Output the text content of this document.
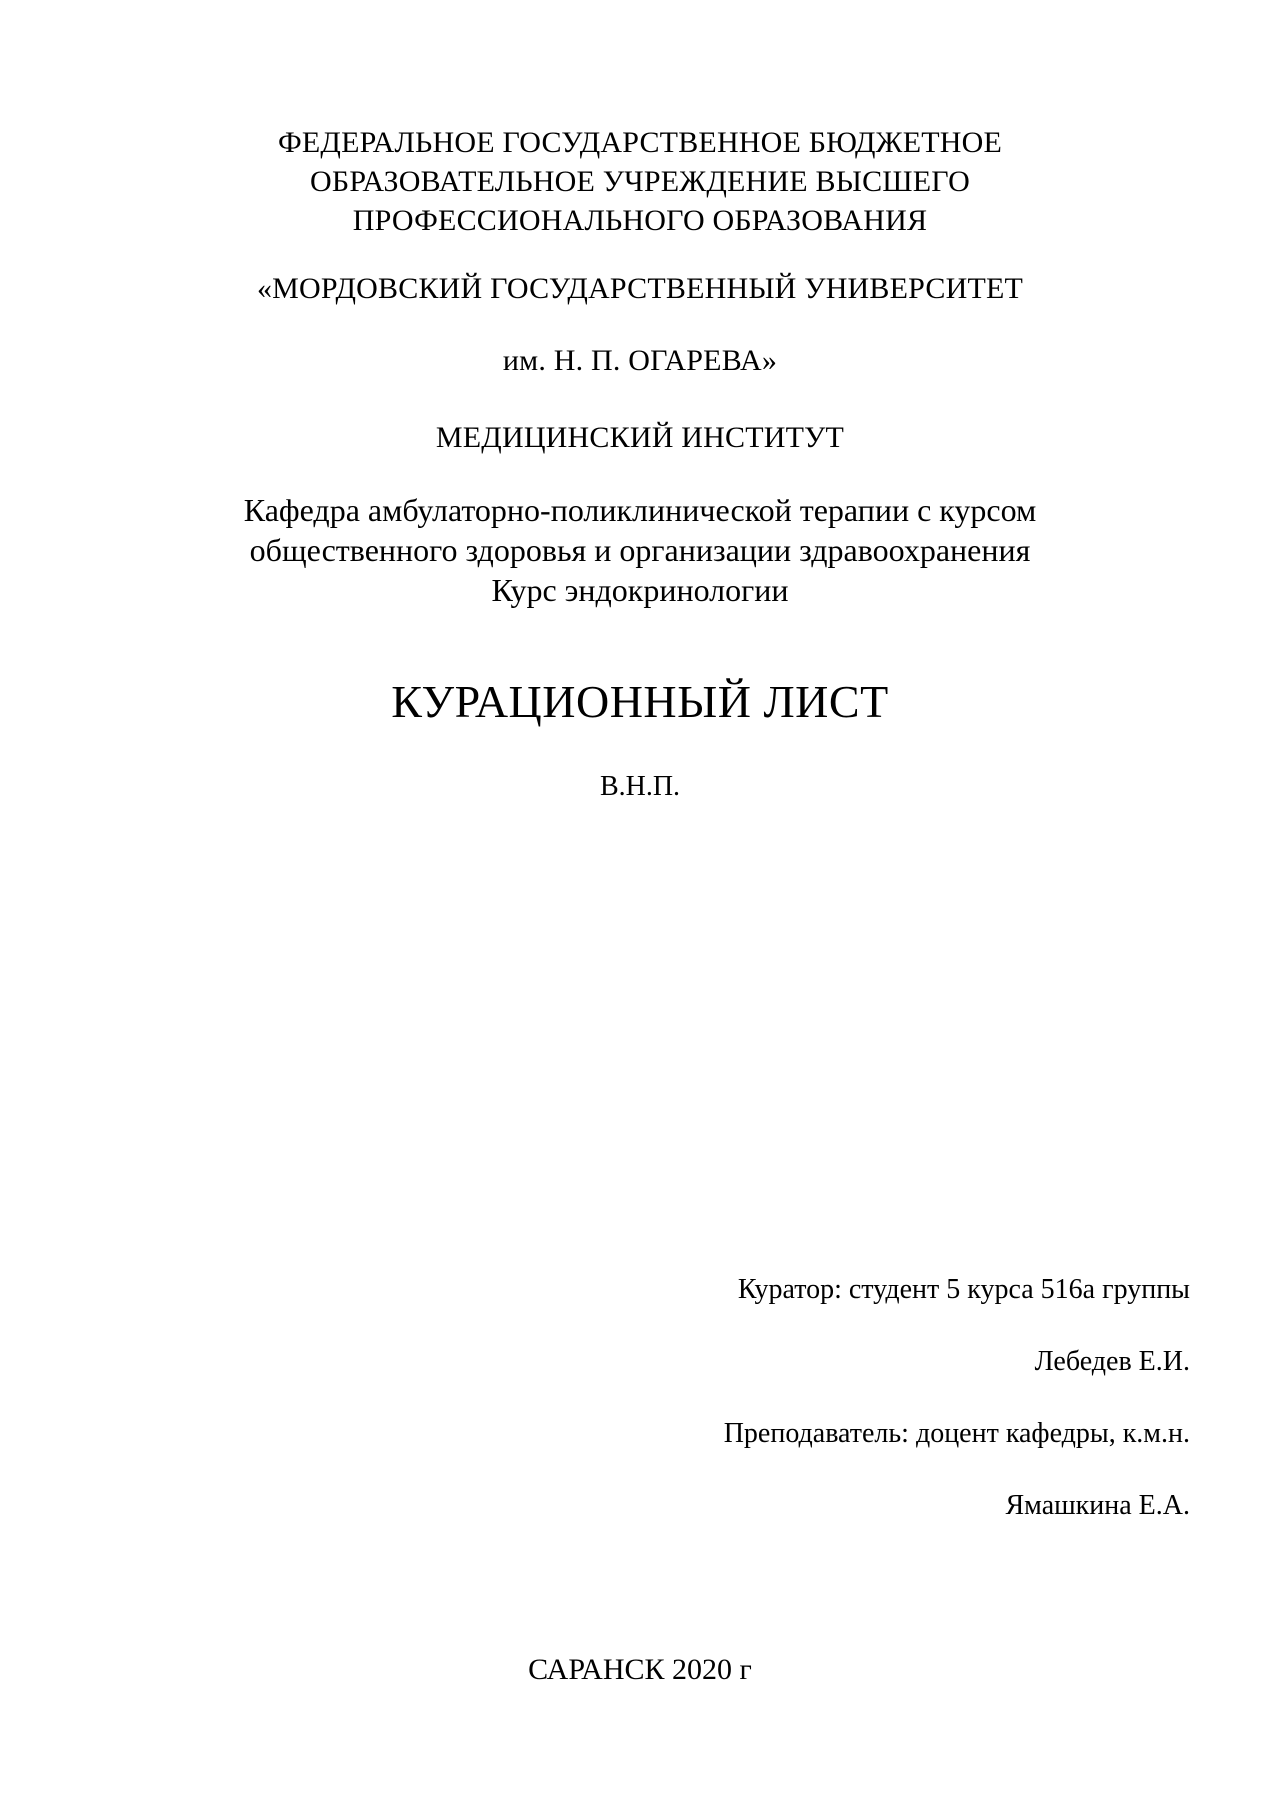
ФЕДЕРАЛЬНОЕ ГОСУДАРСТВЕННОЕ БЮДЖЕТНОЕ
ОБРАЗОВАТЕЛЬНОЕ УЧРЕЖДЕНИЕ ВЫСШЕГО
ПРОФЕССИОНАЛЬНОГО ОБРАЗОВАНИЯ
«МОРДОВСКИЙ ГОСУДАРСТВЕННЫЙ УНИВЕРСИТЕТ
им. Н. П. ОГАРЕВА»
МЕДИЦИНСКИЙ ИНСТИТУТ
Кафедра амбулаторно-поликлинической терапии с курсом
общественного здоровья и организации здравоохранения
Курс эндокринологии
КУРАЦИОННЫЙ ЛИСТ
В.Н.П.
Куратор: студент 5 курса 516а группы
Лебедев Е.И.
Преподаватель: доцент кафедры, к.м.н.
Ямашкина Е.А.
САРАНСК 2020 г
